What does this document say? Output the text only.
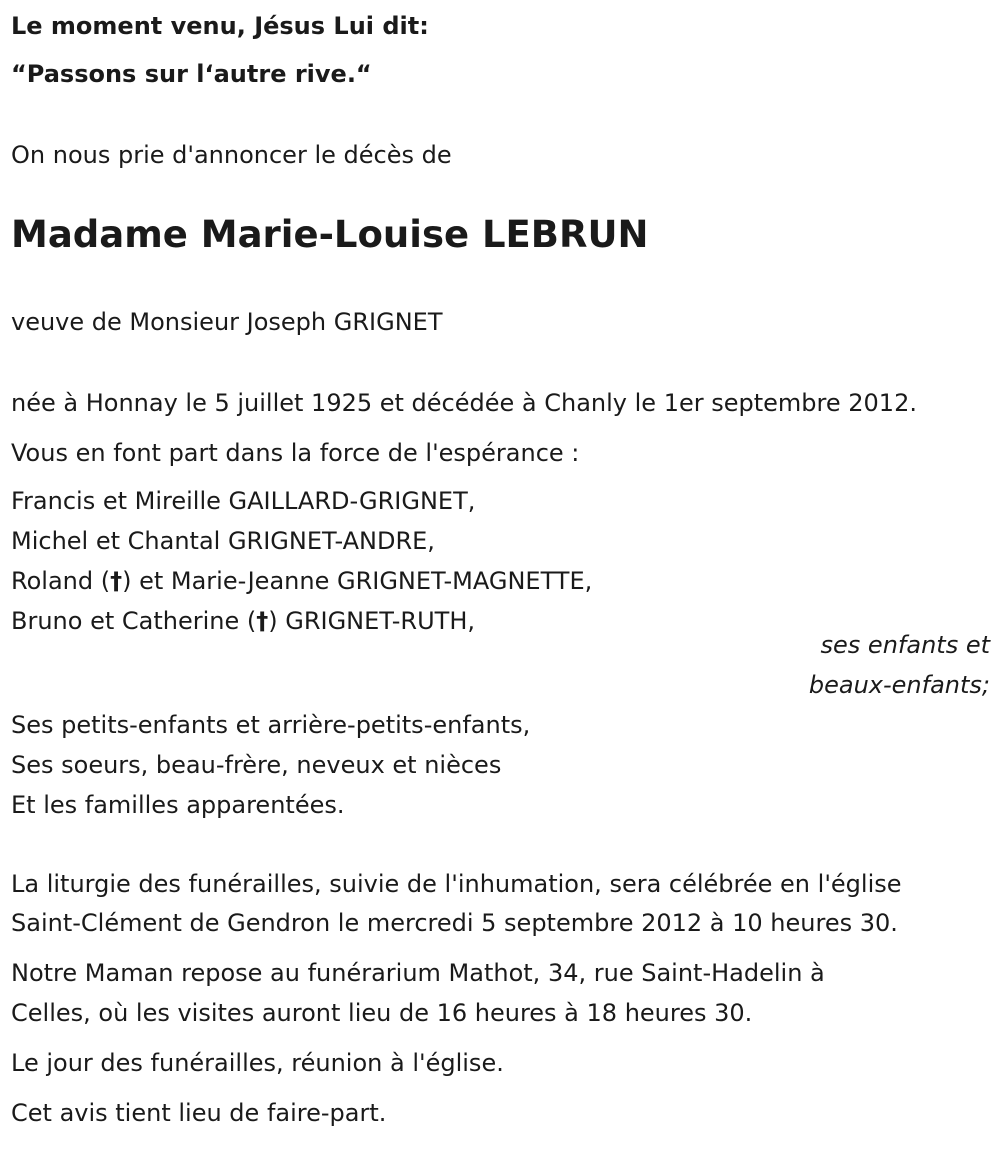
Le moment venu, Jésus Lui dit:

“Passons sur l‘autre rive.“

On nous prie d'annoncer le décès de

Madame Marie-Louise LEBRUN

veuve de Monsieur Joseph GRIGNET

née à Honnay le 5 juillet 1925 et décédée à Chanly le 1er septembre 2012.

Vous en font part dans la force de l'espérance :

Francis et Mireille GAILLARD-GRIGNET,

Michel et Chantal GRIGNET-ANDRE,

Roland (†) et Marie-Jeanne GRIGNET-MAGNETTE,

Bruno et Catherine (†) GRIGNET-RUTH,

ses enfants et

beaux-enfants;

Ses petits-enfants et arrière-petits-enfants,

Ses soeurs, beau-frère, neveux et nièces

Et les familles apparentées.

La liturgie des funérailles, suivie de l'inhumation, sera célébrée en l'église

Saint-Clément de Gendron le mercredi 5 septembre 2012 à 10 heures 30.

Notre Maman repose au funérarium Mathot, 34, rue Saint-Hadelin à

Celles, où les visites auront lieu de 16 heures à 18 heures 30.

Le jour des funérailles, réunion à l'église.

Cet avis tient lieu de faire-part.
